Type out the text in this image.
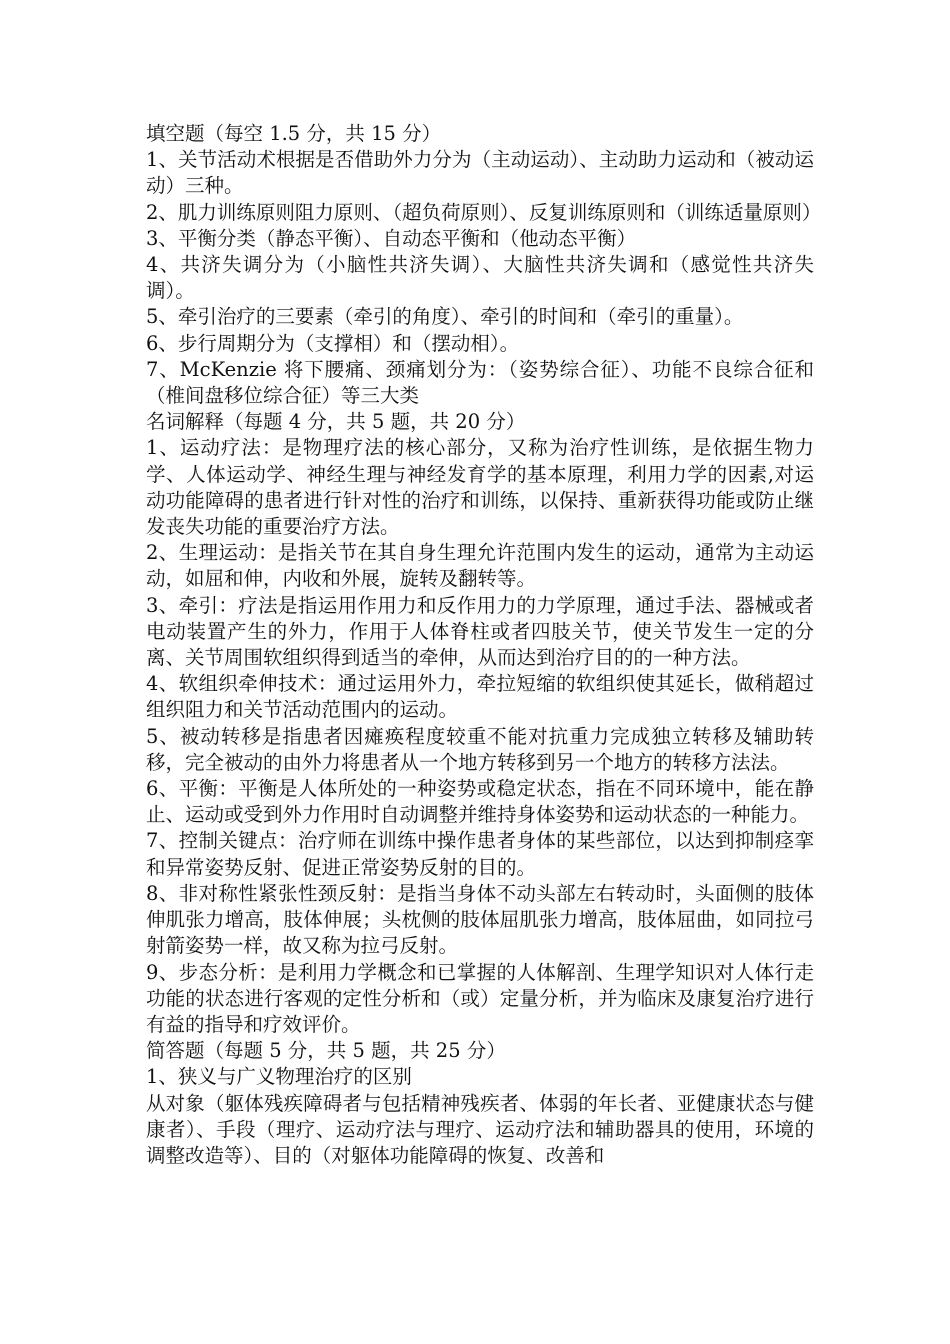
填空题（每空 1.5 分，共 15 分）

1、关节活动术根据是否借助外力分为（主动运动）、主动助力运动和（被动运动）三种。

2、肌力训练原则阻力原则、（超负荷原则）、反复训练原则和（训练适量原则）

3、平衡分类（静态平衡）、自动态平衡和（他动态平衡）

4、共济失调分为（小脑性共济失调）、大脑性共济失调和（感觉性共济失调）。

5、牵引治疗的三要素（牵引的角度）、牵引的时间和（牵引的重量）。

6、步行周期分为（支撑相）和（摆动相）。

7、McKenzie 将下腰痛、颈痛划分为：（姿势综合征）、功能不良综合征和（椎间盘移位综合征）等三大类

名词解释（每题 4 分，共 5 题，共 20 分）

1、运动疗法：是物理疗法的核心部分，又称为治疗性训练，是依据生物力学、人体运动学、神经生理与神经发育学的基本原理，利用力学的因素,对运动功能障碍的患者进行针对性的治疗和训练，以保持、重新获得功能或防止继发丧失功能的重要治疗方法。

2、生理运动：是指关节在其自身生理允许范围内发生的运动，通常为主动运动，如屈和伸，内收和外展，旋转及翻转等。

3、牵引：疗法是指运用作用力和反作用力的力学原理，通过手法、器械或者电动装置产生的外力，作用于人体脊柱或者四肢关节，使关节发生一定的分离、关节周围软组织得到适当的牵伸，从而达到治疗目的的一种方法。

4、软组织牵伸技术：通过运用外力，牵拉短缩的软组织使其延长，做稍超过组织阻力和关节活动范围内的运动。

5、被动转移是指患者因瘫痪程度较重不能对抗重力完成独立转移及辅助转移，完全被动的由外力将患者从一个地方转移到另一个地方的转移方法法。

6、平衡：平衡是人体所处的一种姿势或稳定状态，指在不同环境中，能在静止、运动或受到外力作用时自动调整并维持身体姿势和运动状态的一种能力。

7、控制关键点：治疗师在训练中操作患者身体的某些部位，以达到抑制痉挛和异常姿势反射、促进正常姿势反射的目的。

8、非对称性紧张性颈反射：是指当身体不动头部左右转动时，头面侧的肢体伸肌张力增高，肢体伸展；头枕侧的肢体屈肌张力增高，肢体屈曲，如同拉弓射箭姿势一样，故又称为拉弓反射。

9、步态分析：是利用力学概念和已掌握的人体解剖、生理学知识对人体行走功能的状态进行客观的定性分析和（或）定量分析，并为临床及康复治疗进行有益的指导和疗效评价。

简答题（每题 5 分，共 5 题，共 25 分）

1、狭义与广义物理治疗的区别

从对象（躯体残疾障碍者与包括精神残疾者、体弱的年长者、亚健康状态与健康者）、手段（理疗、运动疗法与理疗、运动疗法和辅助器具的使用，环境的调整改造等）、目的（对躯体功能障碍的恢复、改善和
